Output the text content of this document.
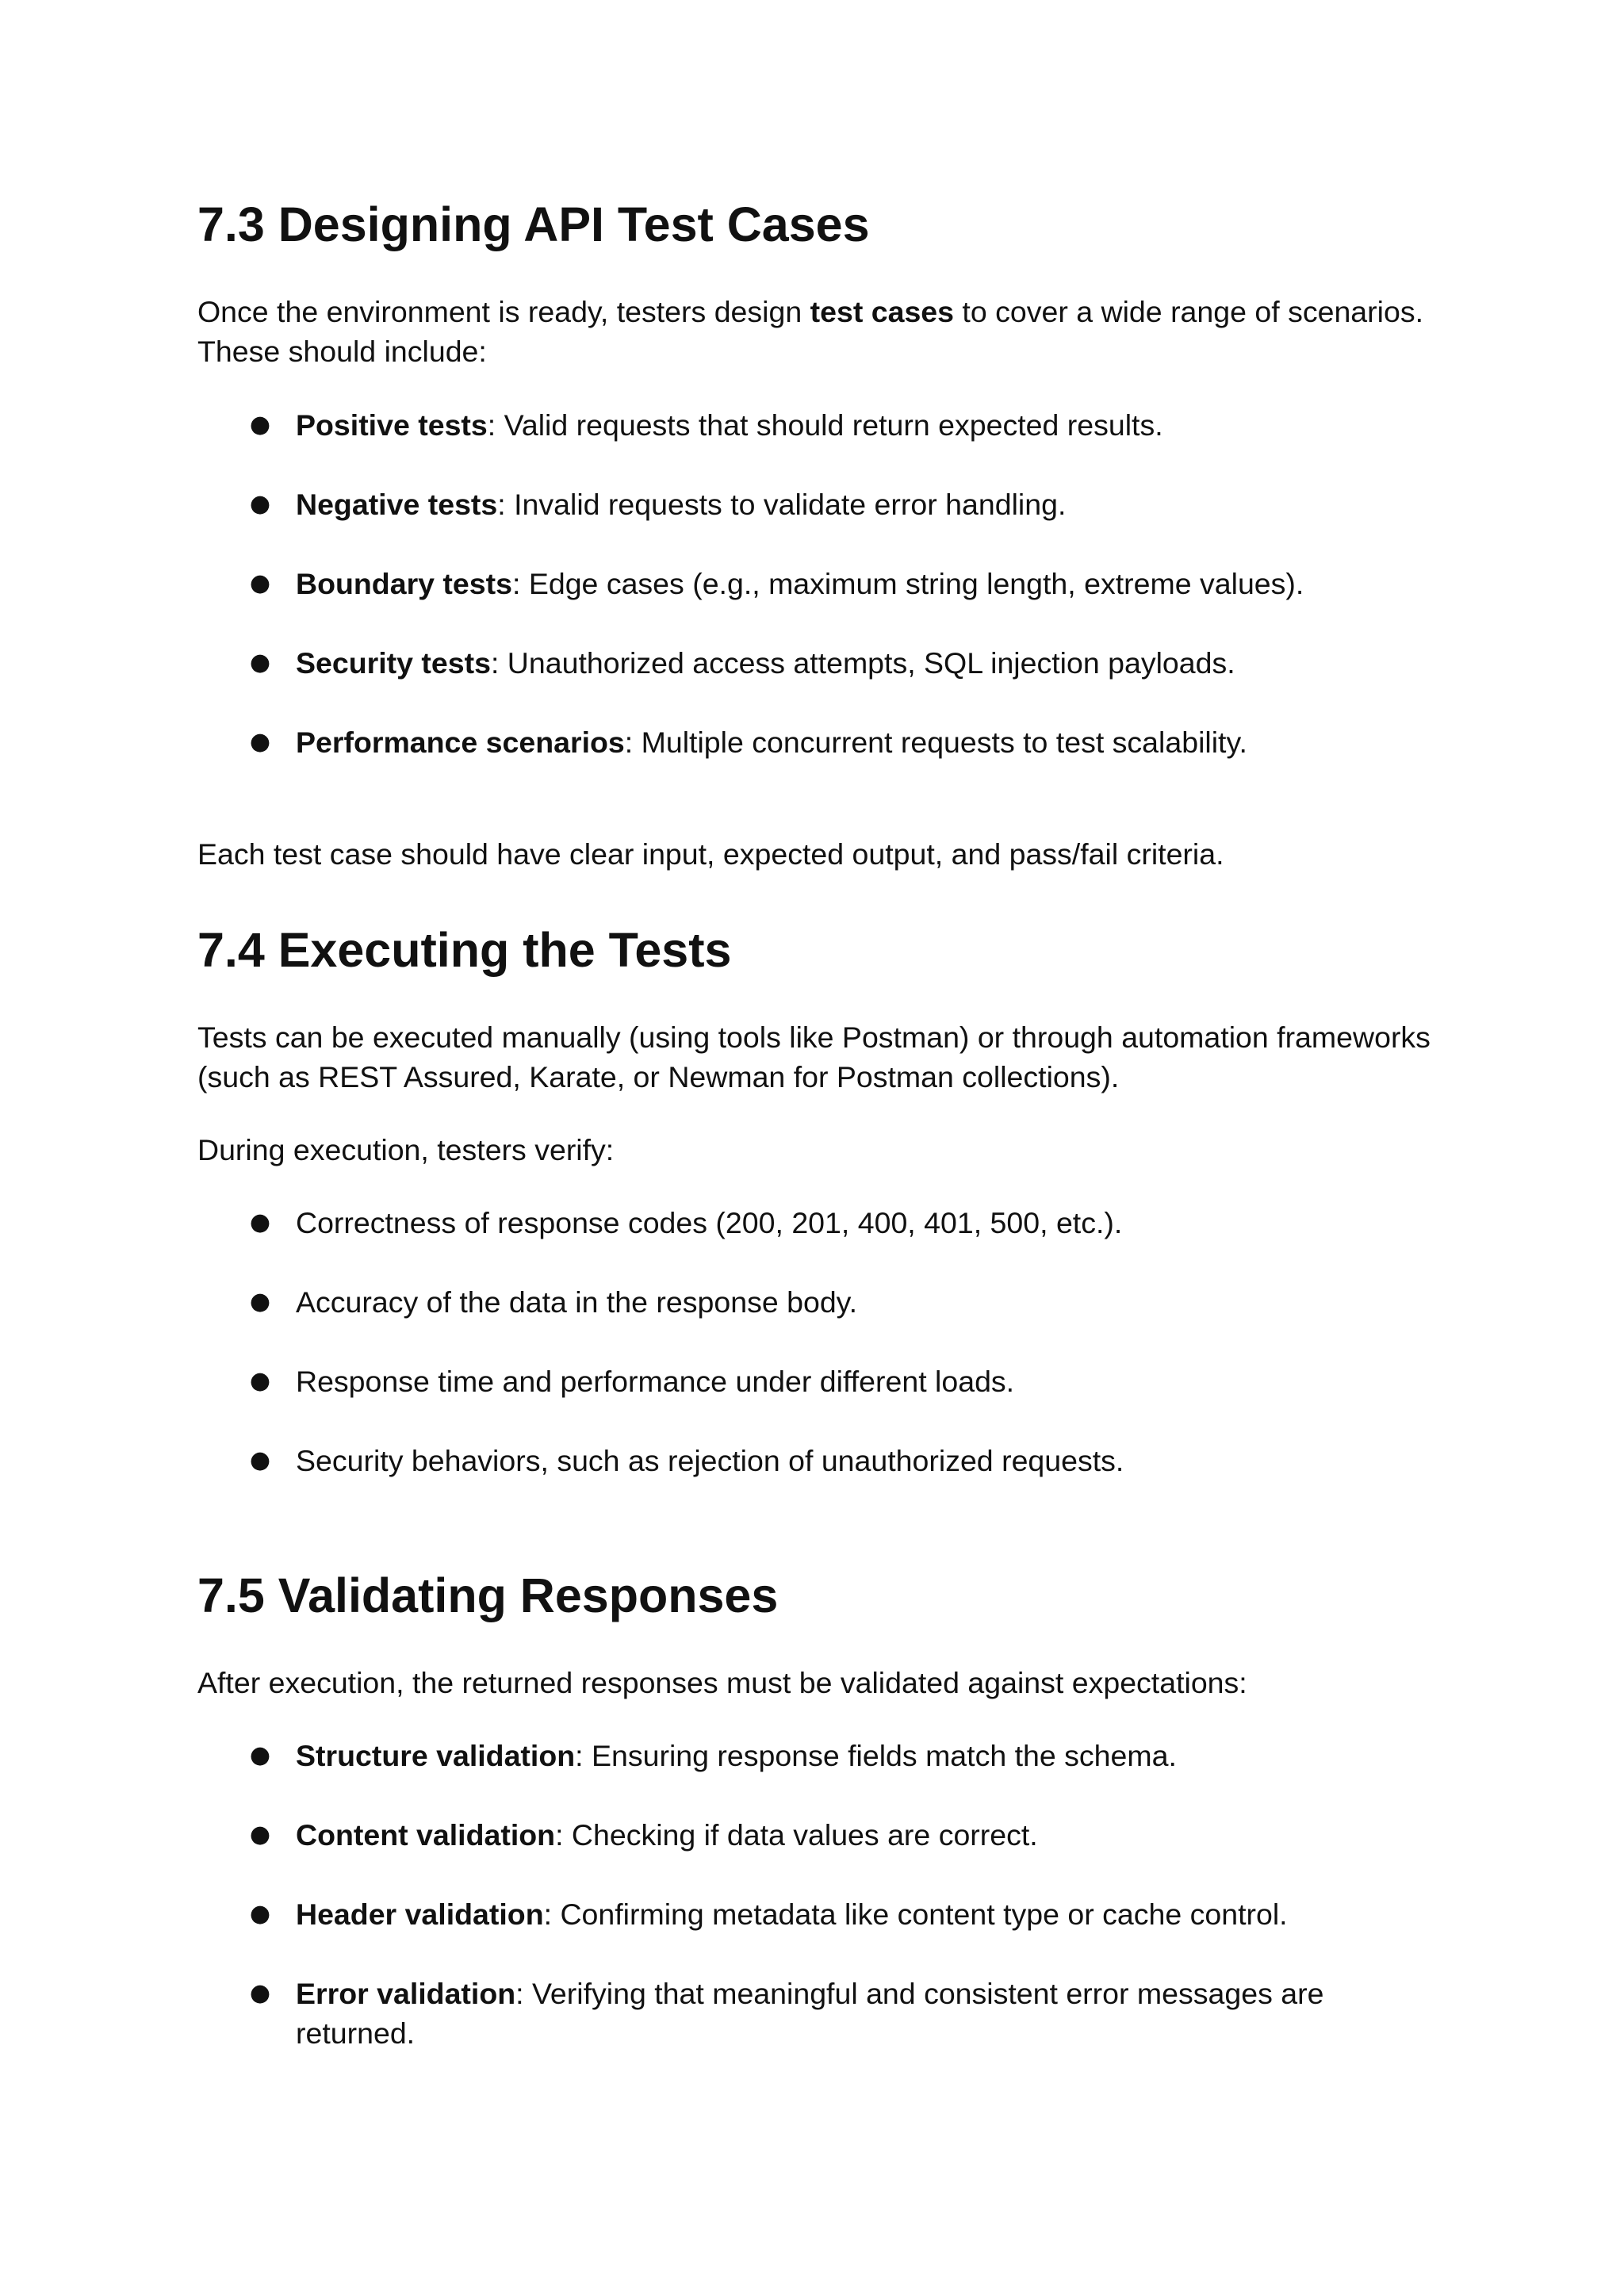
7.3 Designing API Test Cases

Once the environment is ready, testers design test cases to cover a wide range of scenarios. These should include:

● Positive tests: Valid requests that should return expected results.
● Negative tests: Invalid requests to validate error handling.
● Boundary tests: Edge cases (e.g., maximum string length, extreme values).
● Security tests: Unauthorized access attempts, SQL injection payloads.
● Performance scenarios: Multiple concurrent requests to test scalability.

Each test case should have clear input, expected output, and pass/fail criteria.

7.4 Executing the Tests

Tests can be executed manually (using tools like Postman) or through automation frameworks (such as REST Assured, Karate, or Newman for Postman collections).

During execution, testers verify:

● Correctness of response codes (200, 201, 400, 401, 500, etc.).
● Accuracy of the data in the response body.
● Response time and performance under different loads.
● Security behaviors, such as rejection of unauthorized requests.
7.5 Validating Responses

After execution, the returned responses must be validated against expectations:

● Structure validation: Ensuring response fields match the schema.
● Content validation: Checking if data values are correct.
● Header validation: Confirming metadata like content type or cache control.
● Error validation: Verifying that meaningful and consistent error messages are returned.
